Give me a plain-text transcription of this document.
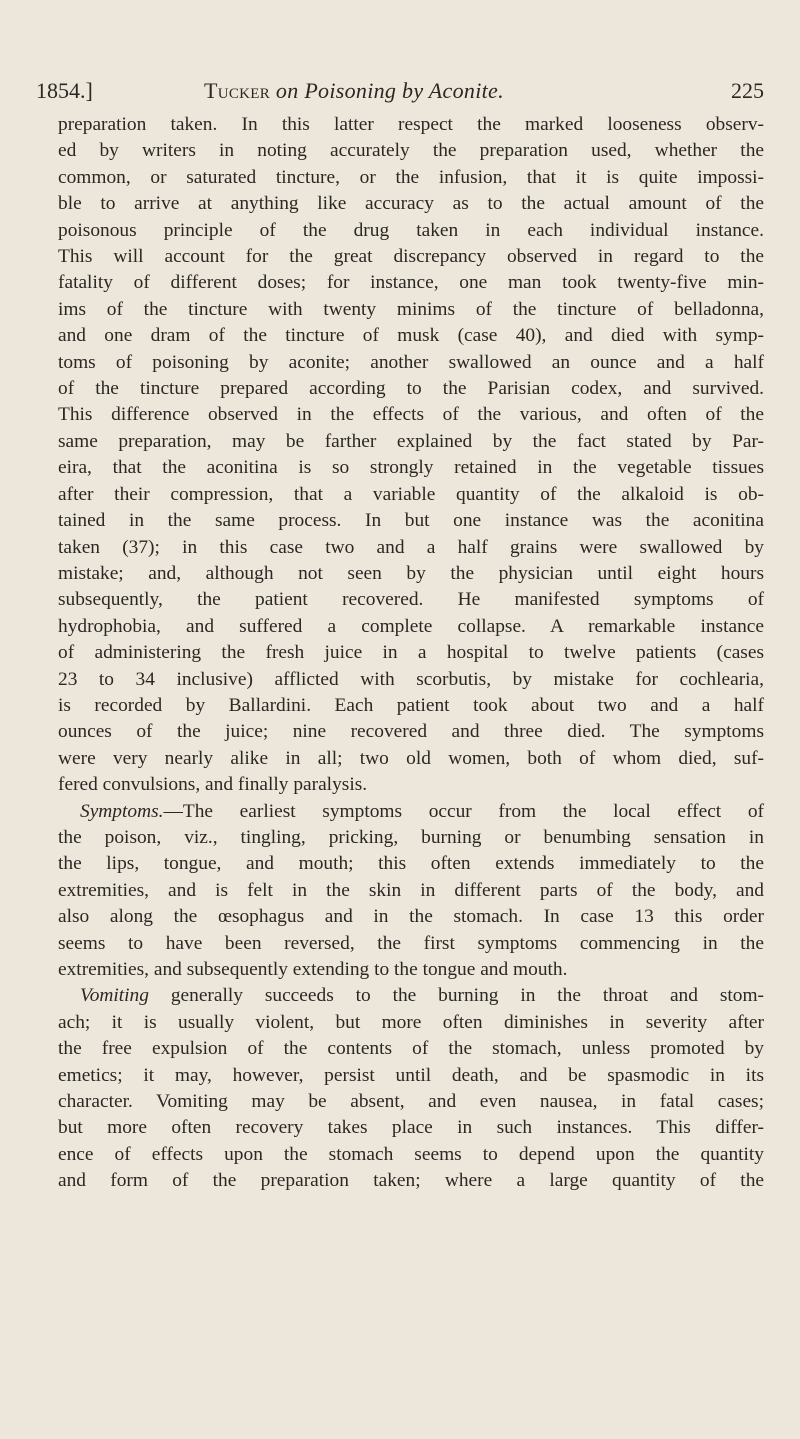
1854.]	Tucker on Poisoning by Aconite.	225
preparation taken. In this latter respect the marked looseness observ-
ed by writers in noting accurately the preparation used, whether the
common, or saturated tincture, or the infusion, that it is quite impossi-
ble to arrive at anything like accuracy as to the actual amount of the
poisonous principle of the drug taken in each individual instance.
This will account for the great discrepancy observed in regard to the
fatality of different doses; for instance, one man took twenty-five min-
ims of the tincture with twenty minims of the tincture of belladonna,
and one dram of the tincture of musk (case 40), and died with symp-
toms of poisoning by aconite; another swallowed an ounce and a half
of the tincture prepared according to the Parisian codex, and survived.
This difference observed in the effects of the various, and often of the
same preparation, may be farther explained by the fact stated by Par-
eira, that the aconitina is so strongly retained in the vegetable tissues
after their compression, that a variable quantity of the alkaloid is ob-
tained in the same process. In but one instance was the aconitina
taken (37); in this case two and a half grains were swallowed by
mistake; and, although not seen by the physician until eight hours
subsequently, the patient recovered. He manifested symptoms of
hydrophobia, and suffered a complete collapse. A remarkable instance
of administering the fresh juice in a hospital to twelve patients (cases
23 to 34 inclusive) afflicted with scorbutis, by mistake for cochlearia,
is recorded by Ballardini. Each patient took about two and a half
ounces of the juice; nine recovered and three died. The symptoms
were very nearly alike in all; two old women, both of whom died, suf-
fered convulsions, and finally paralysis.
Symptoms.—The earliest symptoms occur from the local effect of
the poison, viz., tingling, pricking, burning or benumbing sensation in
the lips, tongue, and mouth; this often extends immediately to the
extremities, and is felt in the skin in different parts of the body, and
also along the œsophagus and in the stomach. In case 13 this order
seems to have been reversed, the first symptoms commencing in the
extremities, and subsequently extending to the tongue and mouth.
Vomiting generally succeeds to the burning in the throat and stom-
ach; it is usually violent, but more often diminishes in severity after
the free expulsion of the contents of the stomach, unless promoted by
emetics; it may, however, persist until death, and be spasmodic in its
character. Vomiting may be absent, and even nausea, in fatal cases;
but more often recovery takes place in such instances. This differ-
ence of effects upon the stomach seems to depend upon the quantity
and form of the preparation taken; where a large quantity of the
